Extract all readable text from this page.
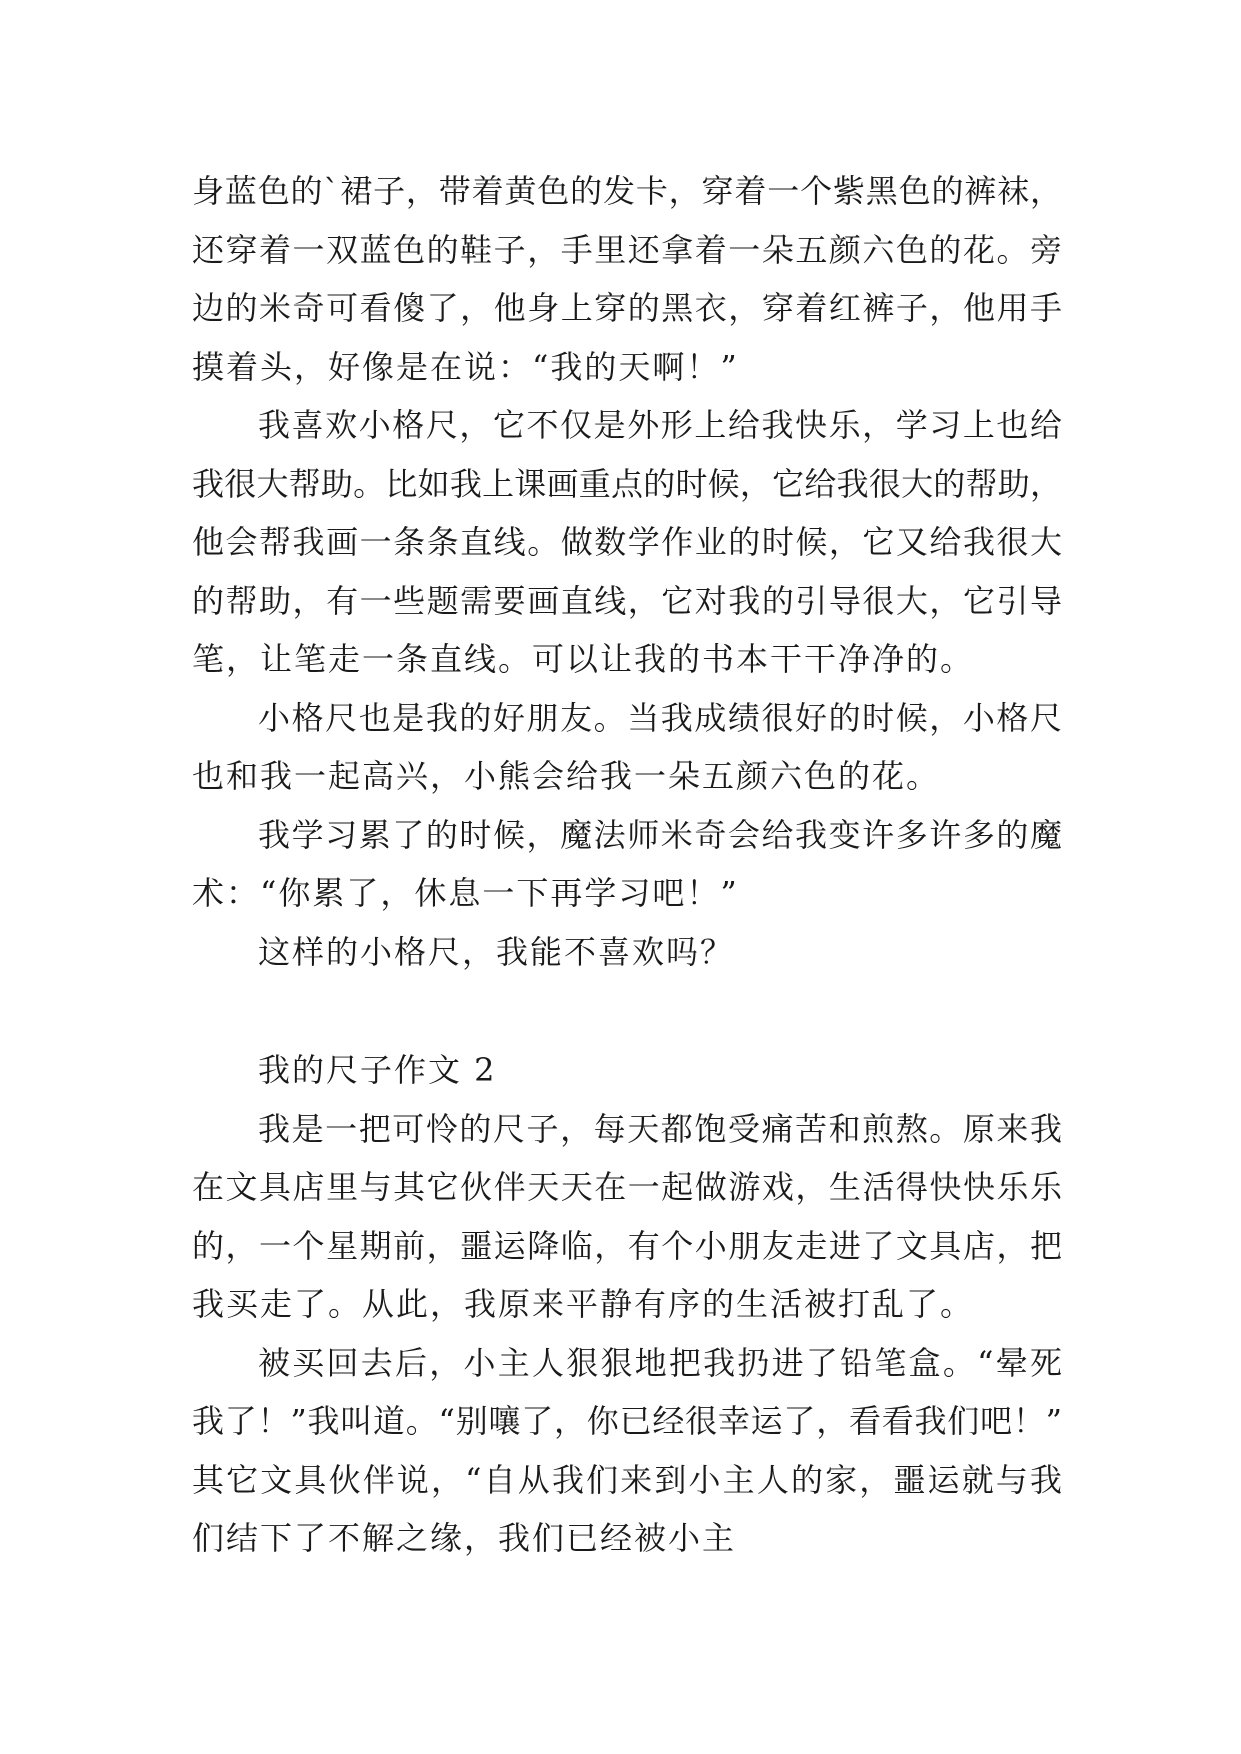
身蓝色的`裙子，带着黄色的发卡，穿着一个紫黑色的裤袜，
还穿着一双蓝色的鞋子，手里还拿着一朵五颜六色的花。旁
边的米奇可看傻了，他身上穿的黑衣，穿着红裤子，他用手
摸着头，好像是在说：“我的天啊！”
我喜欢小格尺，它不仅是外形上给我快乐，学习上也给
我很大帮助。比如我上课画重点的时候，它给我很大的帮助，
他会帮我画一条条直线。做数学作业的时候，它又给我很大
的帮助，有一些题需要画直线，它对我的引导很大，它引导
笔，让笔走一条直线。可以让我的书本干干净净的。
小格尺也是我的好朋友。当我成绩很好的时候，小格尺
也和我一起高兴，小熊会给我一朵五颜六色的花。
我学习累了的时候，魔法师米奇会给我变许多许多的魔
术：“你累了，休息一下再学习吧！”
这样的小格尺，我能不喜欢吗？
我的尺子作文 2
我是一把可怜的尺子，每天都饱受痛苦和煎熬。原来我
在文具店里与其它伙伴天天在一起做游戏，生活得快快乐乐
的，一个星期前，噩运降临，有个小朋友走进了文具店，把
我买走了。从此，我原来平静有序的生活被打乱了。
被买回去后，小主人狠狠地把我扔进了铅笔盒。“晕死
我了！”我叫道。“别嚷了，你已经很幸运了，看看我们吧！”
其它文具伙伴说，“自从我们来到小主人的家，噩运就与我
们结下了不解之缘，我们已经被小主
